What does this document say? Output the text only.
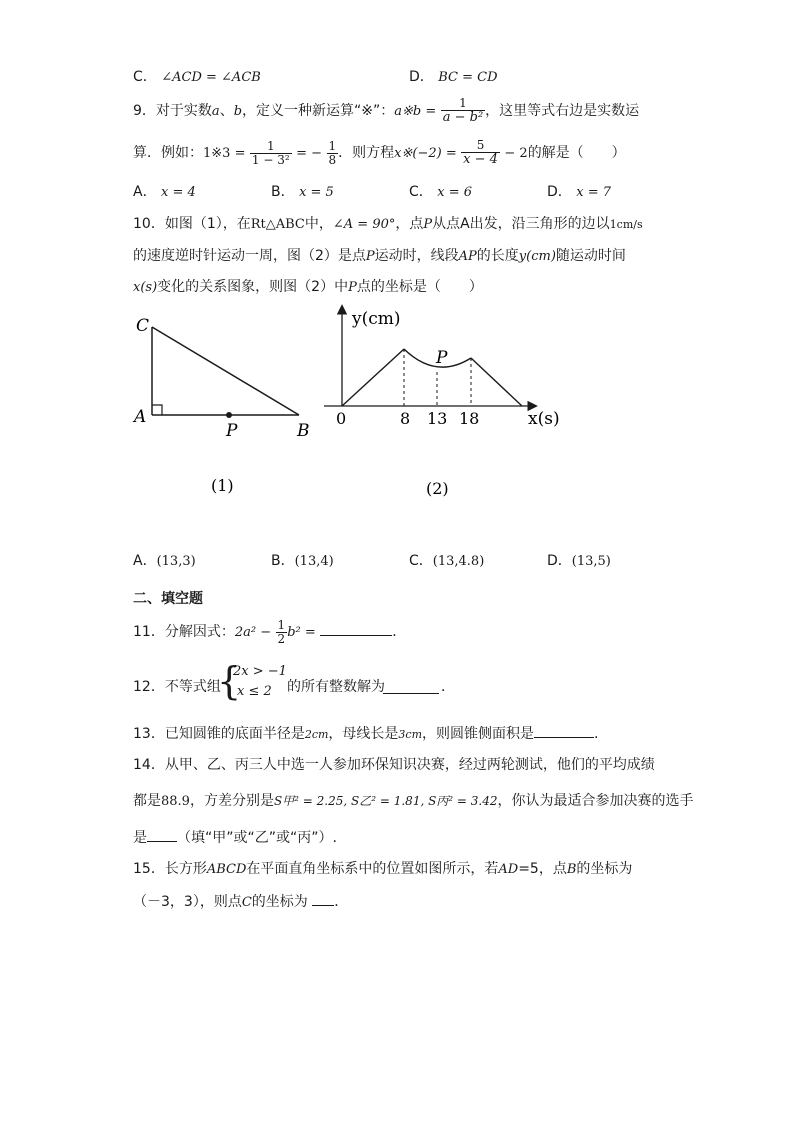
C． ∠ACD = ∠ACB	D． BC = CD
9．对于实数a、b，定义一种新运算“※”：a※b = $\frac{1}{\text{a − b²}}$ ，这里等式右边是实数运
算．例如：1※3 = $\frac{1}{\text{1 − 3²}}$ = − $\frac{1}{8}$ ．则方程x※(−2) = $\frac{5}{x - 4} - 2$的解是（　　）
A． x = 4	B． x = 5	C． x = 6	D． x = 7
10．如图（1），在Rt△ABC中，∠A = 90°，点P从点A出发，沿三角形的边以1cm/s
的速度逆时针运动一周，图（2）是点P运动时，线段AP的长度y(cm)随运动时间
x(s)变化的关系图象，则图（2）中P点的坐标是（　　）
C
A
P	B
(1)
y(cm)
x(s)
0	8 13 18
P
(2)
A．(13,3)	B．(13,4)	C．(13,4.8)	D．(13,5)
二、填空题
11．分解因式：$2a^2 - \frac{1}{2} b^2$ =	．
12．不等式组
{
2x > −1
x ≤ 2 的所有整数解为	．
13．已知圆锥的底面半径是2cm，母线长是3cm，则圆锥侧面积是	.
14．从甲、乙、丙三人中选一人参加环保知识决赛，经过两轮测试，他们的平均成绩
都是88.9，方差分别是S甲² = 2.25, S乙² = 1.81, S丙² = 3.42，你认为最适合参加决赛的选手
是 （填“甲”或“乙”或“丙”）.
15．长方形ABCD在平面直角坐标系中的位置如图所示，若AD=5，点B的坐标为
（－3，3），则点C的坐标为 ．
